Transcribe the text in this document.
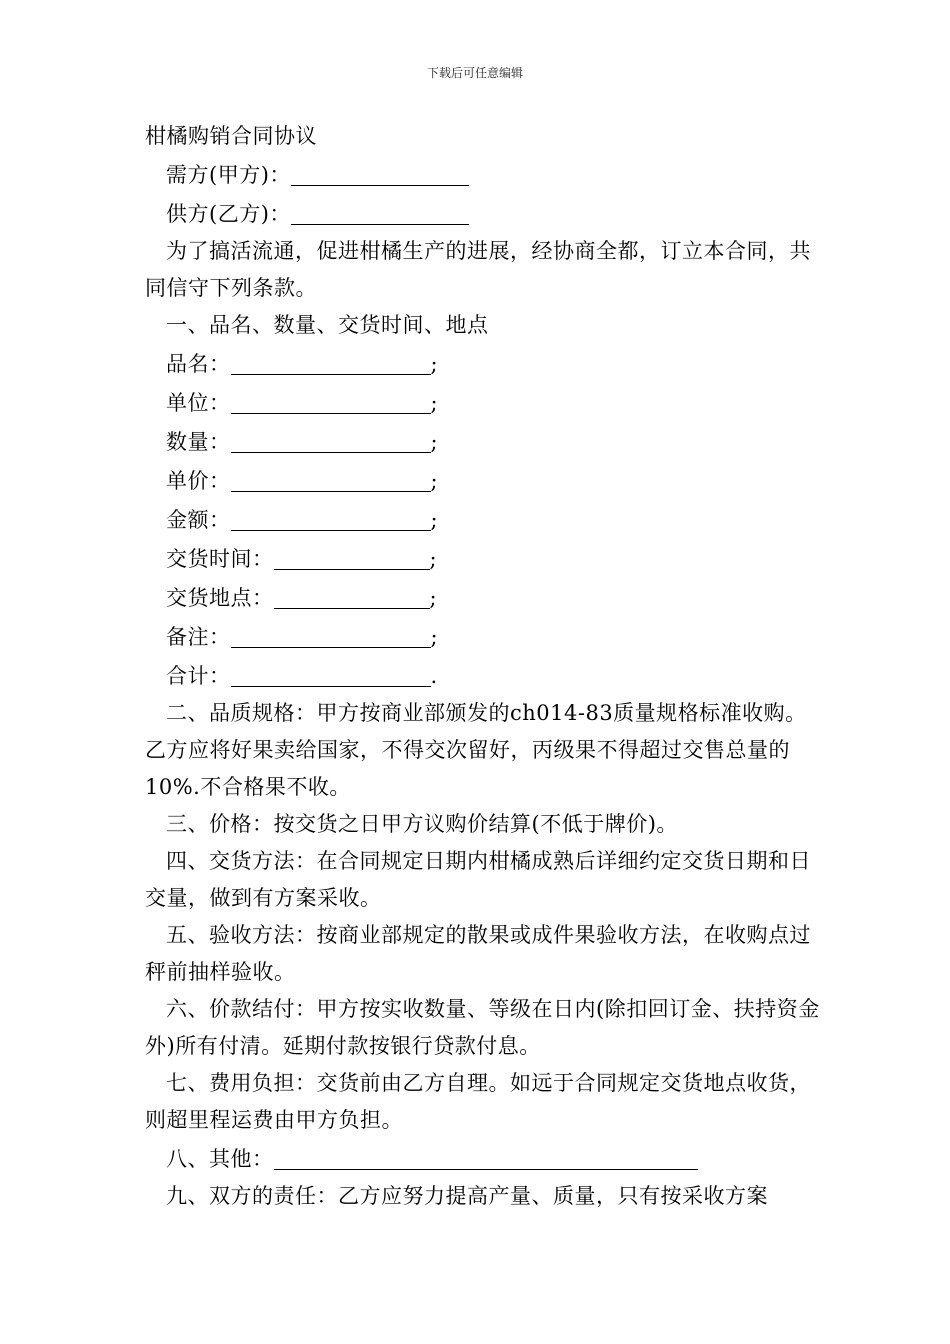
下载后可任意编辑

柑橘购销合同协议

需方(甲方)：

供方(乙方)：

为了搞活流通，促进柑橘生产的进展，经协商全都，订立本合同，共同信守下列条款。

一、品名、数量、交货时间、地点

品名：	;

单位：	;

数量：	;

单价：	;

金额：	;

交货时间：	;

交货地点：	;

备注：	;

合计：	.

二、品质规格：甲方按商业部颁发的ch014-83质量规格标准收购。乙方应将好果卖给国家，不得交次留好，丙级果不得超过交售总量的10%.不合格果不收。

三、价格：按交货之日甲方议购价结算(不低于牌价)。

四、交货方法：在合同规定日期内柑橘成熟后详细约定交货日期和日交量，做到有方案采收。

五、验收方法：按商业部规定的散果或成件果验收方法，在收购点过秤前抽样验收。

六、价款结付：甲方按实收数量、等级在日内(除扣回订金、扶持资金外)所有付清。延期付款按银行贷款付息。

七、费用负担：交货前由乙方自理。如远于合同规定交货地点收货，则超里程运费由甲方负担。

八、其他：

九、双方的责任：乙方应努力提高产量、质量，只有按采收方案
